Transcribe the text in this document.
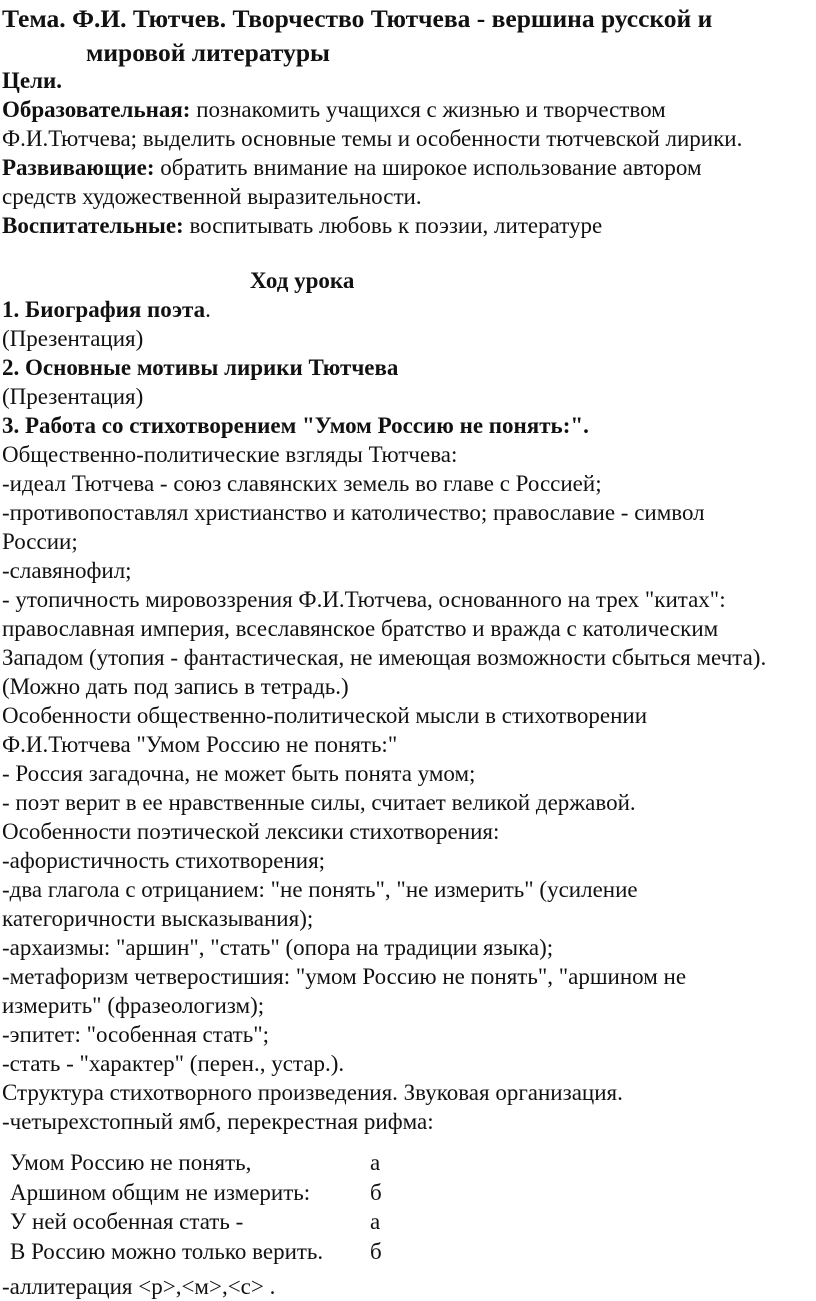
Тема. Ф.И. Тютчев. Творчество Тютчева - вершина русской и
мировой литературы
Цели.
Образовательная: познакомить учащихся с жизнью и творчеством
Ф.И.Тютчева; выделить основные темы и особенности тютчевской лирики.
Развивающие: обратить внимание на широкое использование автором
средств художественной выразительности.
Воспитательные: воспитывать любовь к поэзии, литературе
Ход урока
1. Биография поэта.
(Презентация)
2. Основные мотивы лирики Тютчева
(Презентация)
3. Работа со стихотворением "Умом Россию не понять:".
Общественно-политические взгляды Тютчева:
-идеал Тютчева - союз славянских земель во главе с Россией;
-противопоставлял христианство и католичество; православие - символ
России;
-славянофил;
- утопичность мировоззрения Ф.И.Тютчева, основанного на трех "китах":
православная империя, всеславянское братство и вражда с католическим
Западом (утопия - фантастическая, не имеющая возможности сбыться мечта).
(Можно дать под запись в тетрадь.)
Особенности общественно-политической мысли в стихотворении
Ф.И.Тютчева "Умом Россию не понять:"
- Россия загадочна, не может быть понята умом;
- поэт верит в ее нравственные силы, считает великой державой.
Особенности поэтической лексики стихотворения:
-афористичность стихотворения;
-два глагола с отрицанием: "не понять", "не измерить" (усиление
категоричности высказывания);
-архаизмы: "аршин", "стать" (опора на традиции языка);
-метафоризм четверостишия: "умом Россию не понять", "аршином не
измерить" (фразеологизм);
-эпитет: "особенная стать";
-стать - "характер" (перен., устар.).
Структура стихотворного произведения. Звуковая организация.
-четырехстопный ямб, перекрестная рифма:
Умом Россию не понять,	а
Аршином общим не измерить:	б
У ней особенная стать -	а
В Россию можно только верить.	б
-аллитерация <р>,<м>,<с> .
